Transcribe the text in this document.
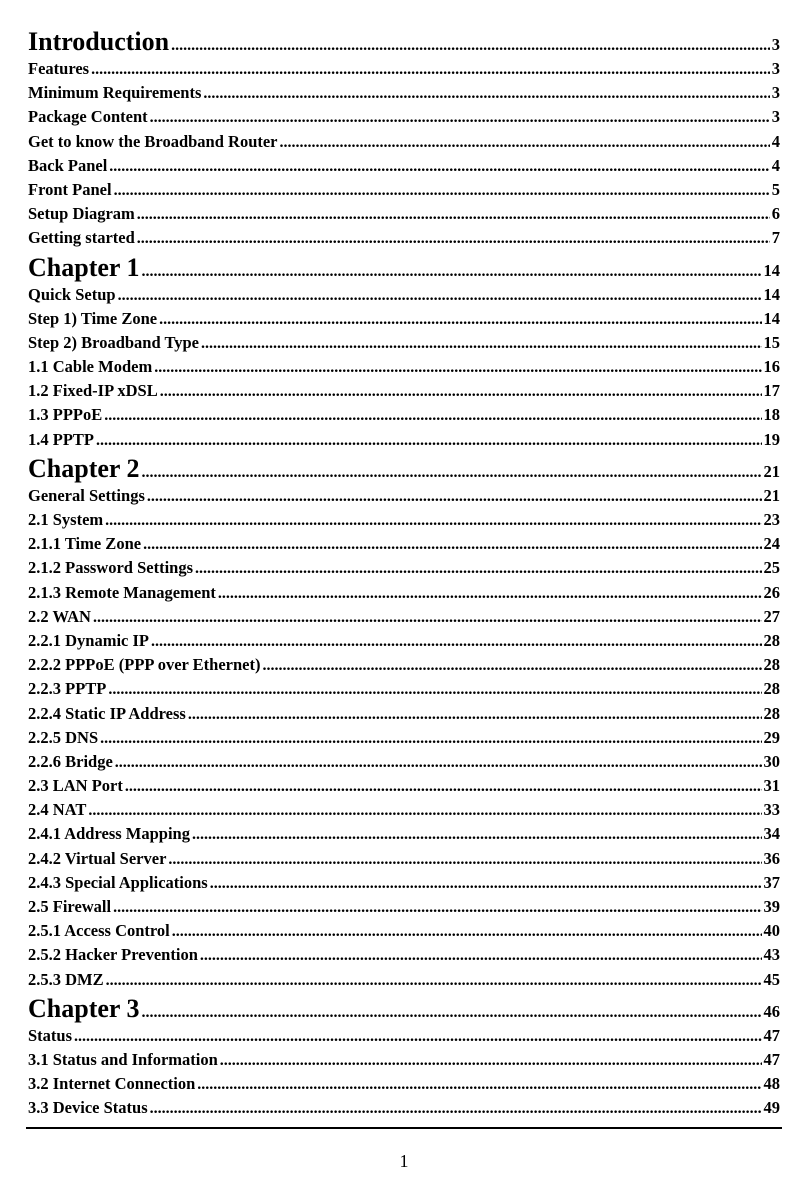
Introduction .....	3
Features .....	3
Minimum Requirements .....	3
Package Content .....	3
Get to know the Broadband Router .....	4
Back Panel .....	4
Front Panel .....	5
Setup Diagram .....	6
Getting started .....	7
Chapter 1 .....	14
Quick Setup .....	14
Step 1) Time Zone .....	14
Step 2) Broadband Type .....	15
1.1 Cable Modem .....	16
1.2 Fixed-IP xDSL .....	17
1.3 PPPoE .....	18
1.4 PPTP .....	19
Chapter 2 .....	21
General Settings .....	21
2.1 System .....	23
2.1.1 Time Zone .....	24
2.1.2 Password Settings .....	25
2.1.3 Remote Management .....	26
2.2 WAN .....	27
2.2.1 Dynamic IP .....	28
2.2.2 PPPoE (PPP over Ethernet) .....	28
2.2.3 PPTP .....	28
2.2.4 Static IP Address .....	28
2.2.5 DNS .....	29
2.2.6 Bridge .....	30
2.3 LAN Port .....	31
2.4 NAT .....	33
2.4.1 Address Mapping .....	34
2.4.2 Virtual Server .....	36
2.4.3 Special Applications .....	37
2.5 Firewall .....	39
2.5.1 Access Control .....	40
2.5.2 Hacker Prevention .....	43
2.5.3 DMZ .....	45
Chapter 3 .....	46
Status .....	47
3.1 Status and Information .....	47
3.2 Internet Connection .....	48
3.3 Device Status .....	49
1
